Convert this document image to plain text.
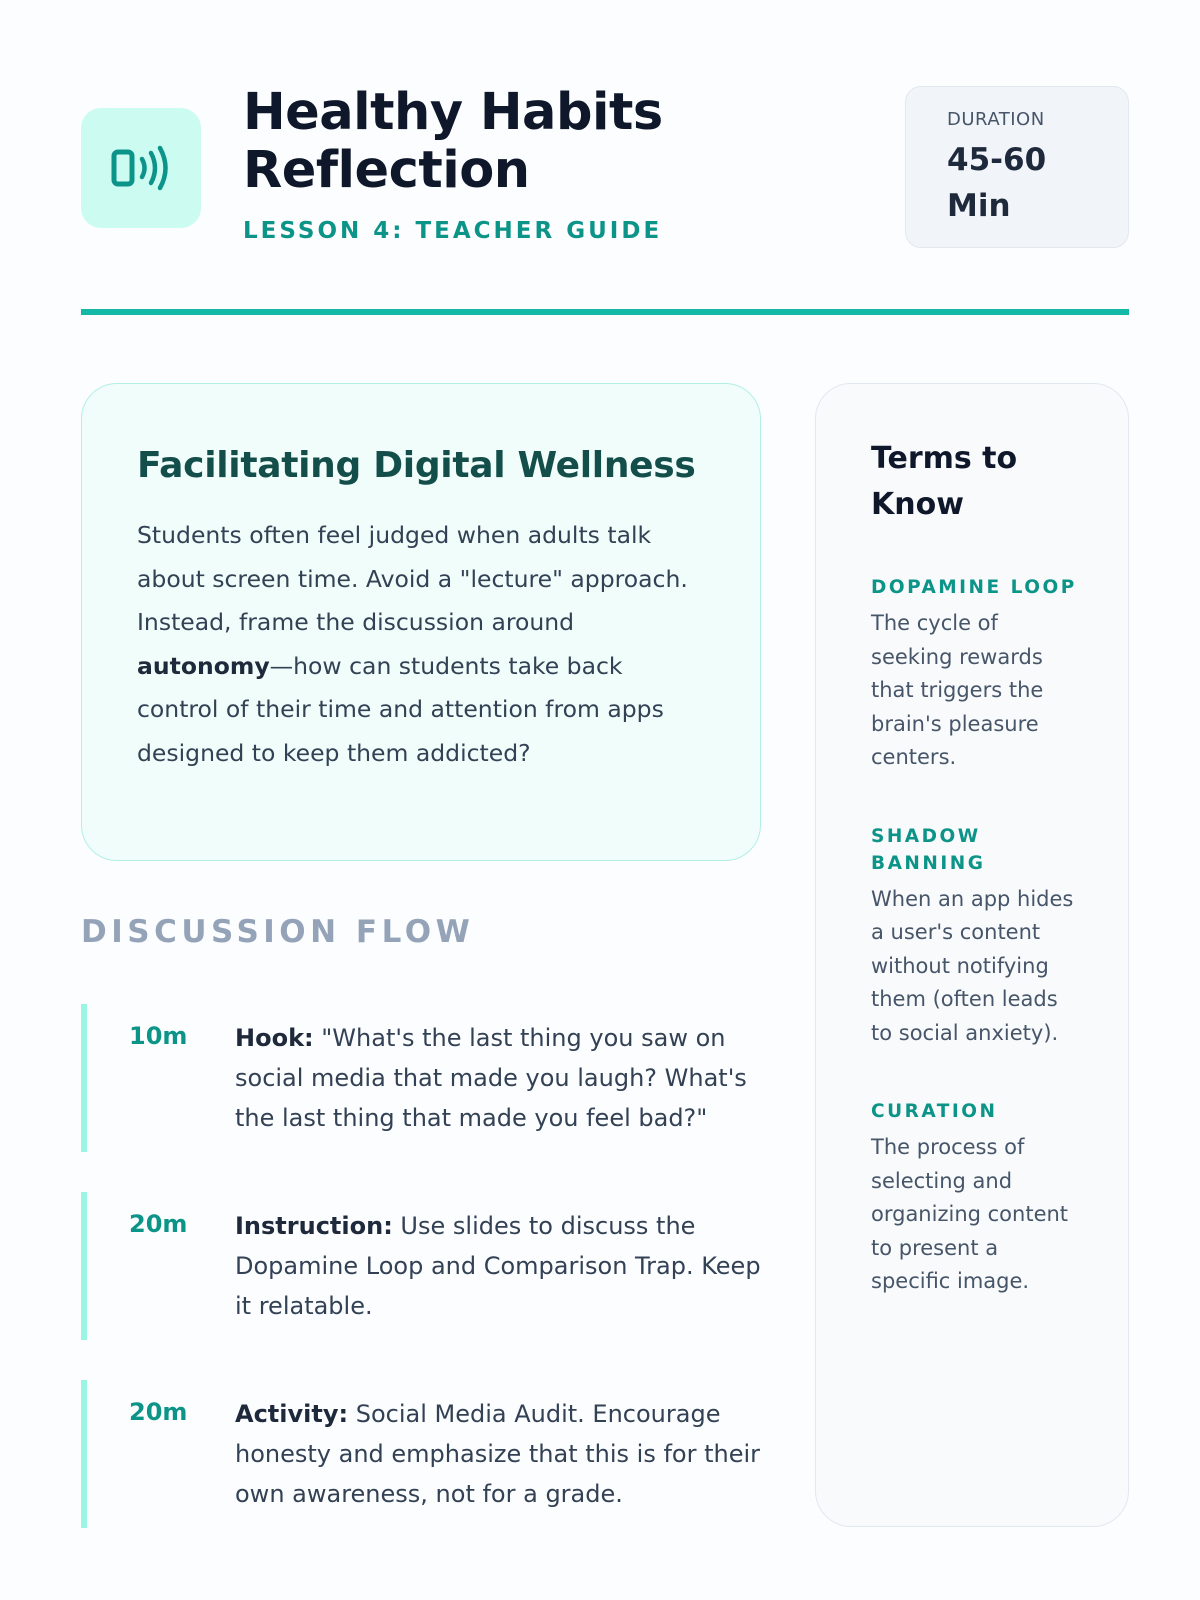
Healthy Habits Reflection
LESSON 4: TEACHER GUIDE
DURATION
45-60 Min
Facilitating Digital Wellness
Students often feel judged when adults talk about screen time. Avoid a "lecture" approach. Instead, frame the discussion around autonomy—how can students take back control of their time and attention from apps designed to keep them addicted?
DISCUSSION FLOW
10m Hook: "What's the last thing you saw on social media that made you laugh? What's the last thing that made you feel bad?"
20m Instruction: Use slides to discuss the Dopamine Loop and Comparison Trap. Keep it relatable.
20m Activity: Social Media Audit. Encourage honesty and emphasize that this is for their own awareness, not for a grade.
Terms to Know
DOPAMINE LOOP
The cycle of seeking rewards that triggers the brain's pleasure centers.
SHADOW BANNING
When an app hides a user's content without notifying them (often leads to social anxiety).
CURATION
The process of selecting and organizing content to present a specific image.
